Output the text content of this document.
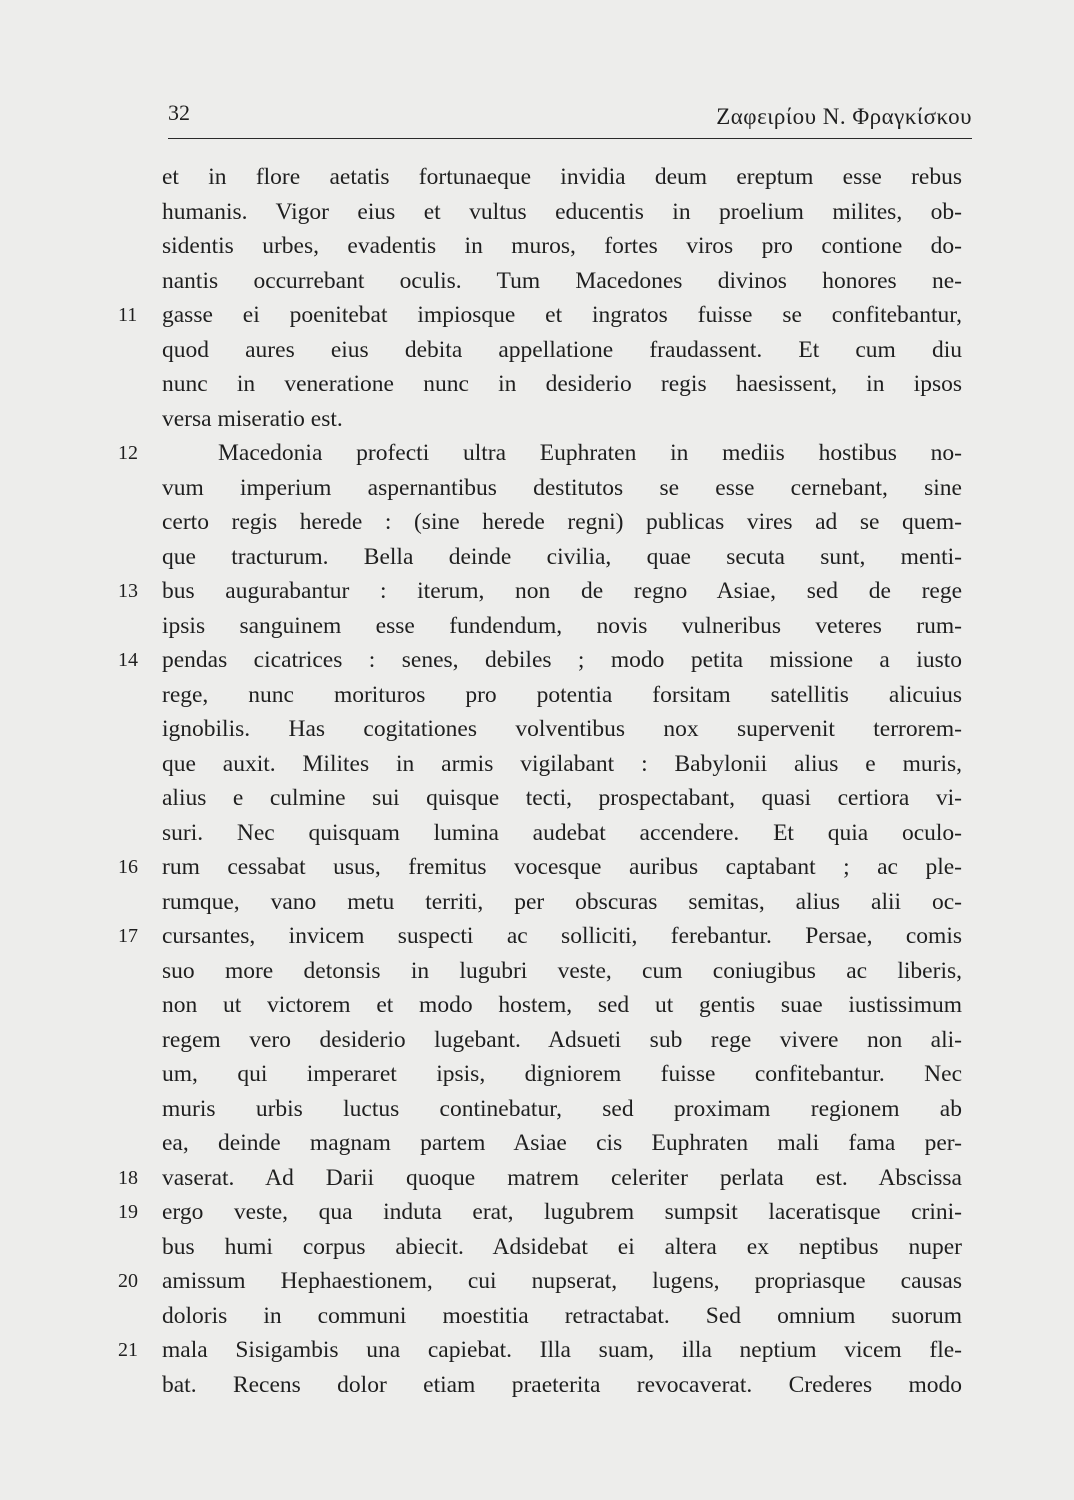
32	Ζαφειρίου Ν. Φραγκίσκου
et in flore aetatis fortunaeque invidia deum ereptum esse rebus
humanis. Vigor eius et vultus educentis in proelium milites, ob-
sidentis urbes, evadentis in muros, fortes viros pro contione do-
nantis occurrebant oculis. Tum Macedones divinos honores ne-
11	gasse ei poenitebat impiosque et ingratos fuisse se confitebantur,
quod aures eius debita appellatione fraudassent. Et cum diu
nunc in veneratione nunc in desiderio regis haesissent, in ipsos
versa miseratio est.
12	Macedonia profecti ultra Euphraten in mediis hostibus no-
vum imperium aspernantibus destitutos se esse cernebant, sine
certo regis herede : (sine herede regni) publicas vires ad se quem-
que tracturum. Bella deinde civilia, quae secuta sunt, menti-
13	bus augurabantur : iterum, non de regno Asiae, sed de rege
ipsis sanguinem esse fundendum, novis vulneribus veteres rum-
14	pendas cicatrices : senes, debiles ; modo petita missione a iusto
rege, nunc morituros pro potentia forsitam satellitis alicuius
ignobilis. Has cogitationes volventibus nox supervenit terrorem-
que auxit. Milites in armis vigilabant : Babylonii alius e muris,
alius e culmine sui quisque tecti, prospectabant, quasi certiora vi-
suri. Nec quisquam lumina audebat accendere. Et quia oculo-
16	rum cessabat usus, fremitus vocesque auribus captabant ; ac ple-
rumque, vano metu territi, per obscuras semitas, alius alii oc-
17	cursantes, invicem suspecti ac solliciti, ferebantur. Persae, comis
suo more detonsis in lugubri veste, cum coniugibus ac liberis,
non ut victorem et modo hostem, sed ut gentis suae iustissimum
regem vero desiderio lugebant. Adsueti sub rege vivere non ali-
um, qui imperaret ipsis, digniorem fuisse confitebantur. Nec
muris urbis luctus continebatur, sed proximam regionem ab
ea, deinde magnam partem Asiae cis Euphraten mali fama per-
18	vaserat. Ad Darii quoque matrem celeriter perlata est. Abscissa
19	ergo veste, qua induta erat, lugubrem sumpsit laceratisque crini-
bus humi corpus abiecit. Adsidebat ei altera ex neptibus nuper
20	amissum Hephaestionem, cui nupserat, lugens, propriasque causas
doloris in communi moestitia retractabat. Sed omnium suorum
21	mala Sisigambis una capiebat. Illa suam, illa neptium vicem fle-
bat. Recens dolor etiam praeterita revocaverat. Crederes modo
